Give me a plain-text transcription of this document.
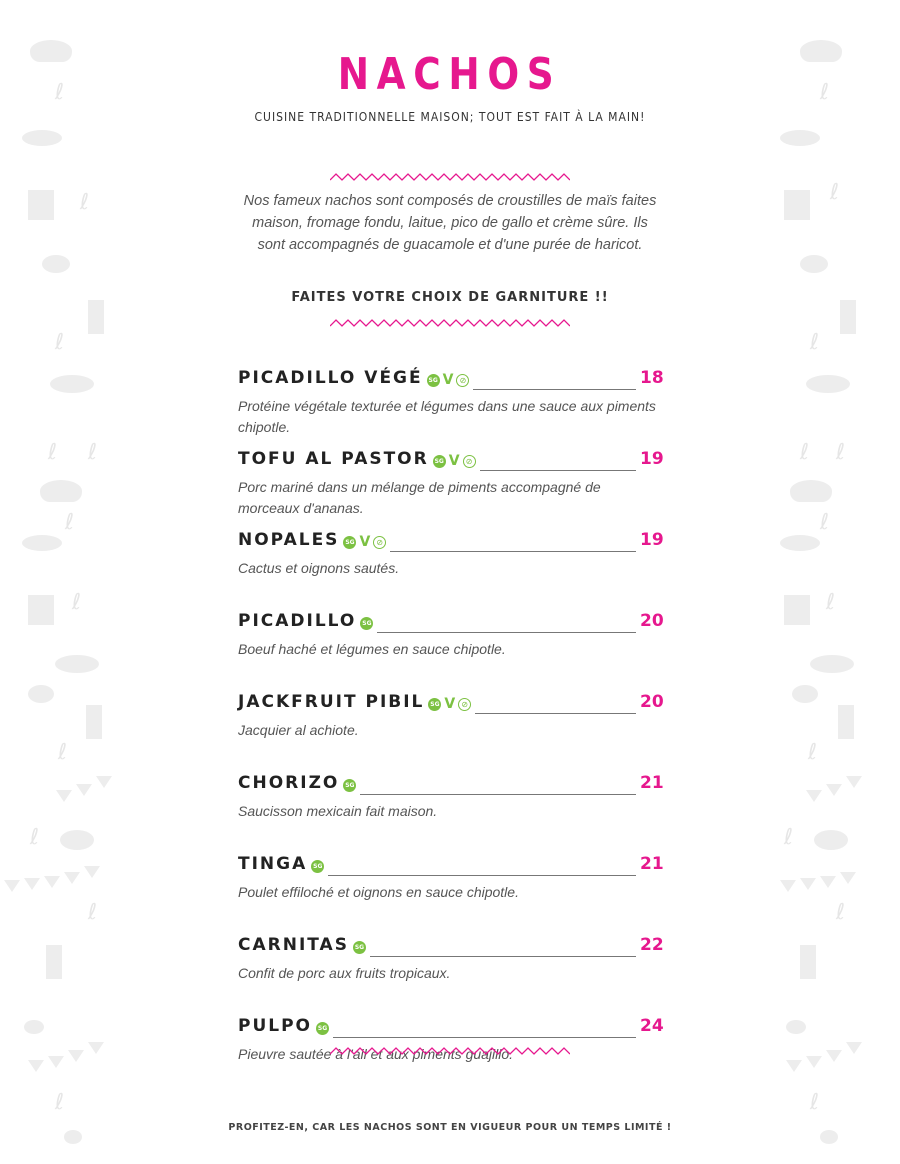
ℓ
ℓ
ℓ
ℓ ℓ
ℓ
ℓ
ℓ
ℓ
ℓ
ℓ
ℓ
ℓ
ℓ
ℓ ℓ
ℓ
ℓ
ℓ
ℓ
ℓ
ℓ
NACHOS
CUISINE TRADITIONNELLE MAISON; TOUT EST FAIT À LA MAIN!
Nos fameux nachos sont composés de croustilles de maïs faites maison, fromage fondu, laitue, pico de gallo et crème sûre. Ils sont accompagnés de guacamole et d'une purée de haricot.
FAITES VOTRE CHOIX DE GARNITURE !!
PICADILLO VÉGÉ SG V ⊘	18
Protéine végétale texturée et légumes dans une sauce aux piments chipotle.
TOFU AL PASTOR SG V ⊘	19
Porc mariné dans un mélange de piments accompagné de morceaux d'ananas.
NOPALES SG V ⊘	19
Cactus et oignons sautés.
PICADILLO SG	20
Boeuf haché et légumes en sauce chipotle.
JACKFRUIT PIBIL SG V ⊘	20
Jacquier al achiote.
CHORIZO SG	21
Saucisson mexicain fait maison.
TINGA SG	21
Poulet effiloché et oignons en sauce chipotle.
CARNITAS SG	22
Confit de porc aux fruits tropicaux.
PULPO SG	24
Pieuvre sautée à l'ail et aux piments guajillo.
PROFITEZ-EN, CAR LES NACHOS SONT EN VIGUEUR POUR UN TEMPS LIMITÉ !
